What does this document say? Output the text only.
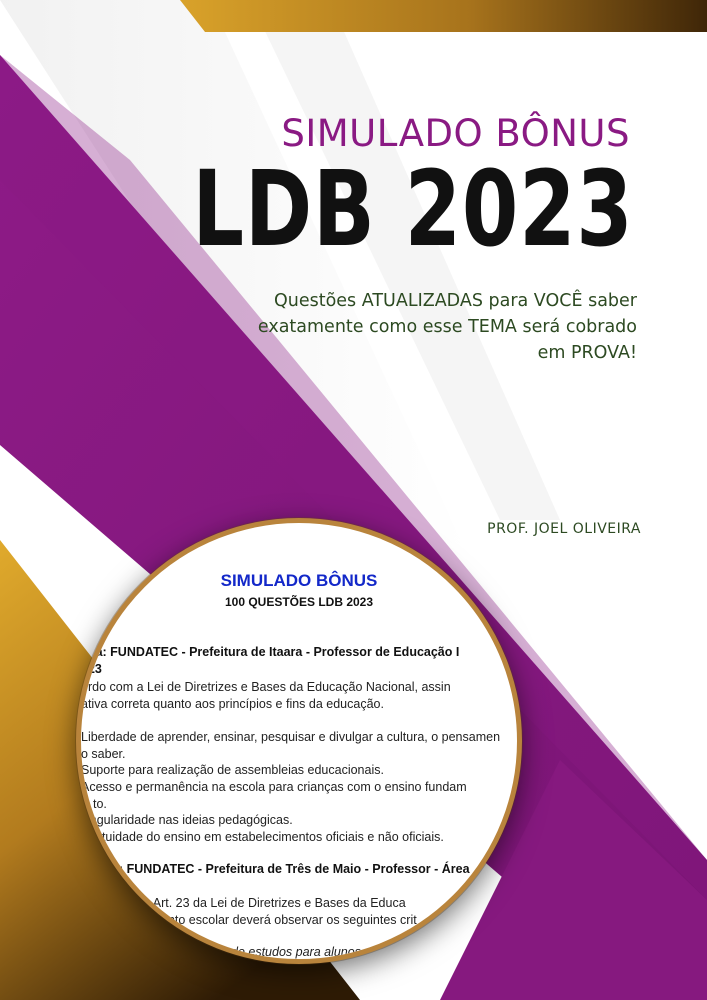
SIMULADO BÔNUS
LDB 2023
Questões ATUALIZADAS para VOCÊ saber
exatamente como esse TEMA será cobrado
em PROVA!
PROF. JOEL OLIVEIRA
SIMULADO BÔNUS
100 QUESTÕES LDB 2023
ova: FUNDATEC - Prefeitura de Itaara - Professor de Educação I
023
ordo com a Lei de Diretrizes e Bases da Educação Nacional, assin
ativa correta quanto aos princípios e fins da educação.
Liberdade de aprender, ensinar, pesquisar e divulgar a cultura, o pensamen
o saber.
Suporte para realização de assembleias educacionais.
Acesso e permanência na escola para crianças com o ensino fundam
to.
ingularidade nas ideias pedagógicas.
atuidade do ensino em estabelecimentos oficiais e não oficiais.
: FUNDATEC - Prefeitura de Três de Maio - Professor - Área
o Art. 23 da Lei de Diretrizes e Bases da Educa
ento escolar deverá observar os seguintes crit
de estudos para alunos
